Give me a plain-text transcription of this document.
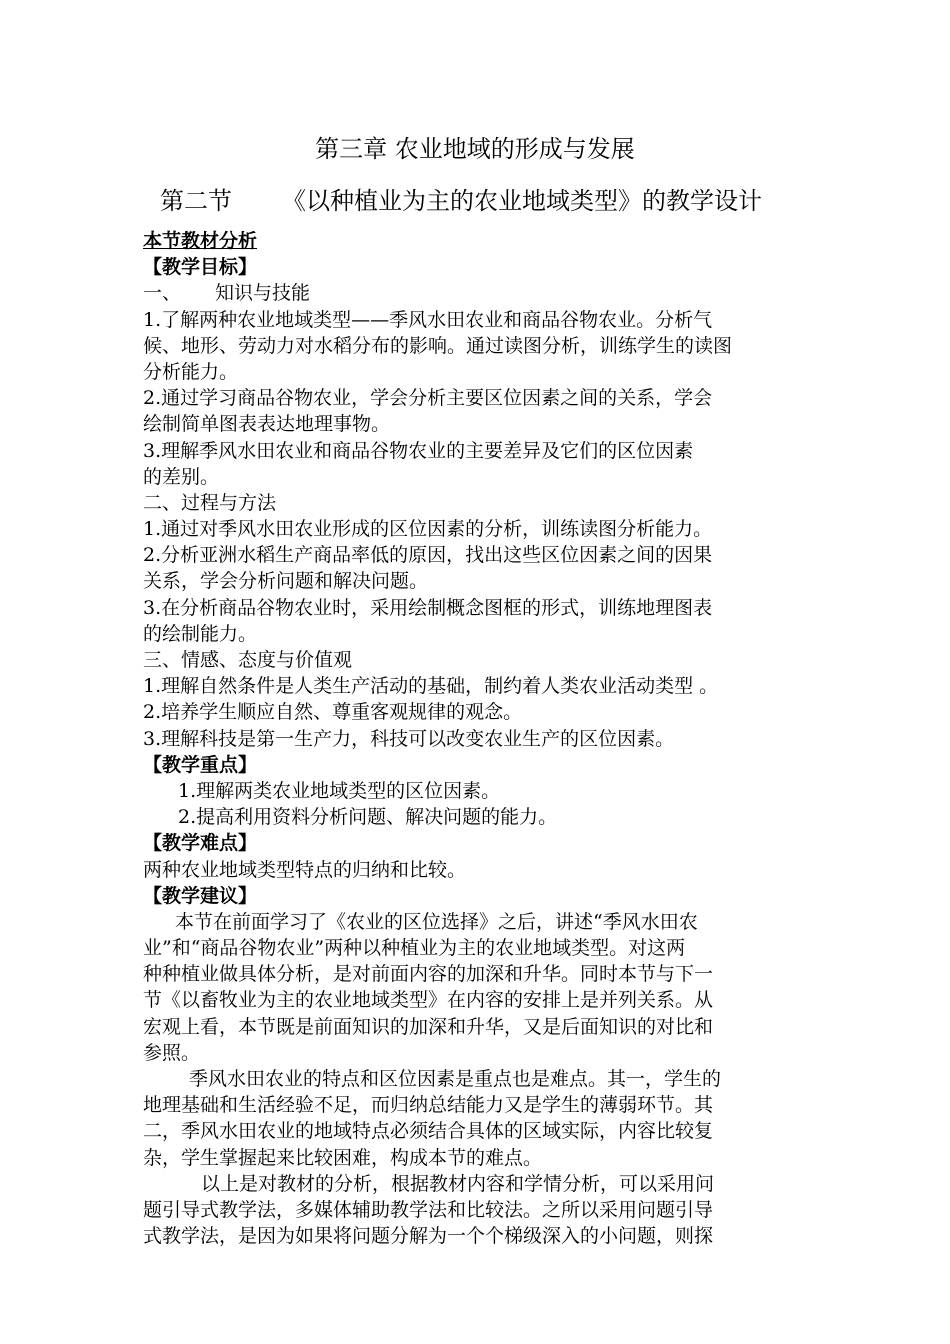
第三章 农业地域的形成与发展
第二节 《以种植业为主的农业地域类型》的教学设计
本节教材分析
【教学目标】
一、 知识与技能
1.了解两种农业地域类型——季风水田农业和商品谷物农业。分析气
候、地形、劳动力对水稻分布的影响。通过读图分析，训练学生的读图
分析能力。
2.通过学习商品谷物农业，学会分析主要区位因素之间的关系，学会
绘制简单图表表达地理事物。
3.理解季风水田农业和商品谷物农业的主要差异及它们的区位因素
的差别。
二、过程与方法
1.通过对季风水田农业形成的区位因素的分析，训练读图分析能力。
2.分析亚洲水稻生产商品率低的原因，找出这些区位因素之间的因果
关系，学会分析问题和解决问题。
3.在分析商品谷物农业时，采用绘制概念图框的形式，训练地理图表
的绘制能力。
三、情感、态度与价值观
1.理解自然条件是人类生产活动的基础，制约着人类农业活动类型 。
2.培养学生顺应自然、尊重客观规律的观念。
3.理解科技是第一生产力，科技可以改变农业生产的区位因素。
【教学重点】
1.理解两类农业地域类型的区位因素。
2.提高利用资料分析问题、解决问题的能力。
【教学难点】
两种农业地域类型特点的归纳和比较。
【教学建议】
本节在前面学习了《农业的区位选择》之后，讲述“季风水田农
业”和“商品谷物农业”两种以种植业为主的农业地域类型。对这两
种种植业做具体分析，是对前面内容的加深和升华。同时本节与下一
节《以畜牧业为主的农业地域类型》在内容的安排上是并列关系。从
宏观上看，本节既是前面知识的加深和升华，又是后面知识的对比和
参照。
季风水田农业的特点和区位因素是重点也是难点。其一，学生的
地理基础和生活经验不足，而归纳总结能力又是学生的薄弱环节。其
二，季风水田农业的地域特点必须结合具体的区域实际，内容比较复
杂，学生掌握起来比较困难，构成本节的难点。
以上是对教材的分析，根据教材内容和学情分析，可以采用问
题引导式教学法，多媒体辅助教学法和比较法。之所以采用问题引导
式教学法，是因为如果将问题分解为一个个梯级深入的小问题，则探
